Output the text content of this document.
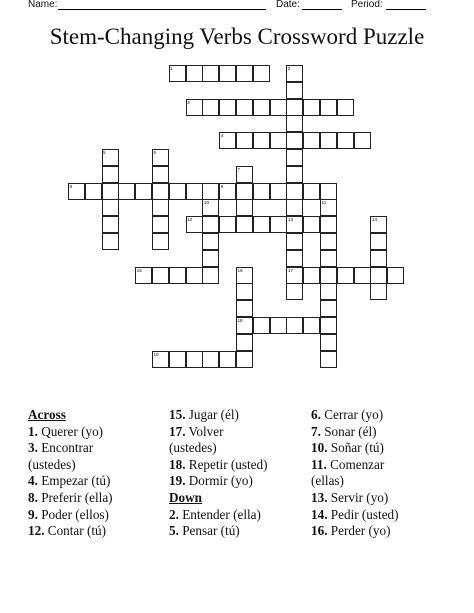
Name:	Date:	Period:
Stem-Changing Verbs Crossword Puzzle
1	2
3
4
5	6
7
8	9
10	11
12	13	14
15	16	17
18
19
Across
1. Querer (yo)
3. Encontrar
(ustedes)
4. Empezar (tú)
8. Preferir (ella)
9. Poder (ellos)
12. Contar (tú)
15. Jugar (él)
17. Volver
(ustedes)
18. Repetir (usted)
19. Dormir (yo)
Down
2. Entender (ella)
5. Pensar (tú)
6. Cerrar (yo)
7. Sonar (él)
10. Soñar (tú)
11. Comenzar
(ellas)
13. Servir (yo)
14. Pedir (usted)
16. Perder (yo)
